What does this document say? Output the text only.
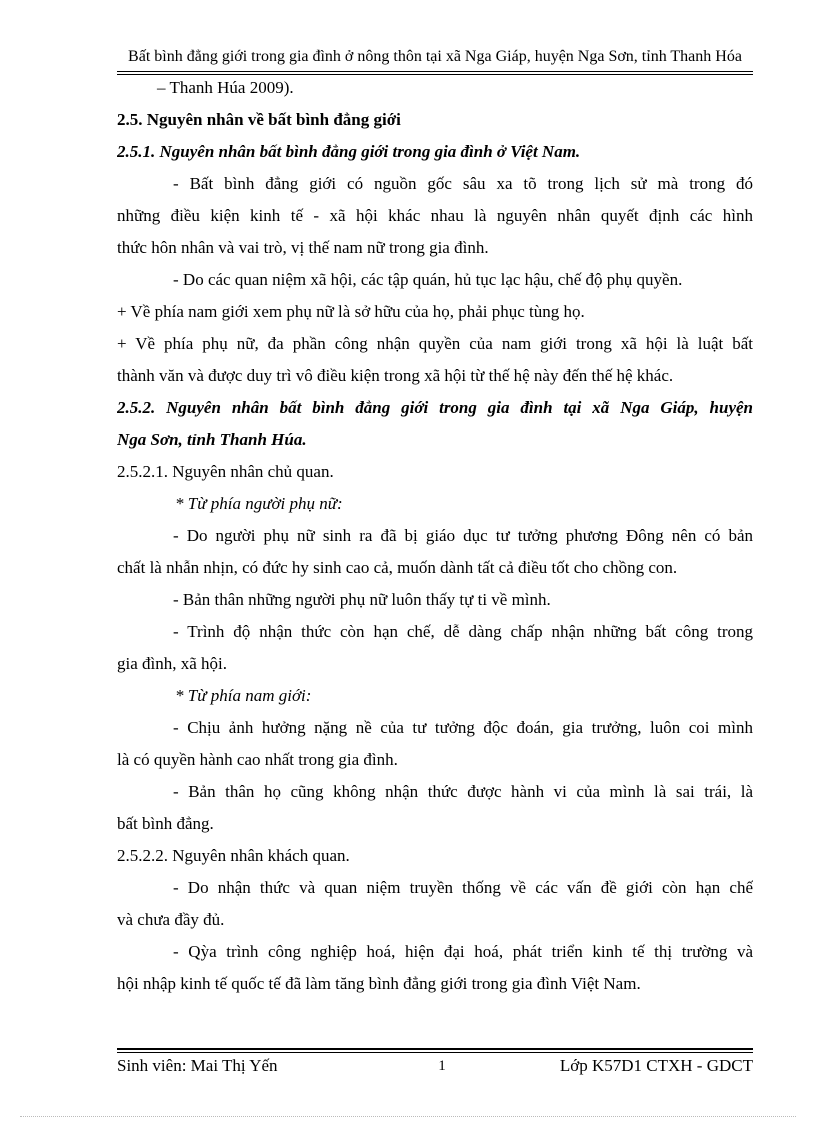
Bất bình đẳng giới trong gia đình ở nông thôn tại xã Nga Giáp, huyện Nga Sơn, tỉnh Thanh Hóa
– Thanh Húa 2009).
2.5. Nguyên nhân về bất bình đẳng giới
2.5.1. Nguyên nhân bất bình đẳng giới trong gia đình ở Việt Nam.
- Bất bình đẳng giới có nguồn gốc sâu xa tõ trong lịch sử mà trong đó
những điều kiện kinh tế - xã hội khác nhau là nguyên nhân quyết định các hình
thức hôn nhân và vai trò, vị thế nam nữ trong gia đình.
- Do các quan niệm xã hội, các tập quán, hủ tục lạc hậu, chế độ phụ quyền.
+ Về phía nam giới xem phụ nữ là sở hữu của họ, phải phục tùng họ.
+ Về phía phụ nữ, đa phần công nhận quyền của nam giới trong xã hội là luật bất
thành văn và được duy trì vô điều kiện trong xã hội từ thế hệ này đến thế hệ khác.
2.5.2. Nguyên nhân bất bình đẳng giới trong gia đình tại xã Nga Giáp, huyện
Nga Sơn, tỉnh Thanh Húa.
2.5.2.1. Nguyên nhân chủ quan.
* Từ phía người phụ nữ:
- Do người phụ nữ sinh ra đã bị giáo dục tư tưởng phương Đông nên có bản
chất là nhẫn nhịn, có đức hy sinh cao cả, muốn dành tất cả điều tốt cho chồng con.
- Bản thân những người phụ nữ luôn thấy tự ti về mình.
- Trình độ nhận thức còn hạn chế, dễ dàng chấp nhận những bất công trong
gia đình, xã hội.
* Từ phía nam giới:
- Chịu ảnh hưởng nặng nề của tư tưởng độc đoán, gia trưởng, luôn coi mình
là có quyền hành cao nhất trong gia đình.
- Bản thân họ cũng không nhận thức được hành vi của mình là sai trái, là
bất bình đẳng.
2.5.2.2. Nguyên nhân khách quan.
- Do nhận thức và quan niệm truyền thống về các vấn đề giới còn hạn chế
và chưa đầy đủ.
- Qỳa trình công nghiệp hoá, hiện đại hoá, phát triển kinh tế thị trường và
hội nhập kinh tế quốc tế đã làm tăng bình đẳng giới trong gia đình Việt Nam.
Sinh viên: Mai Thị Yến	1	Lớp K57D1 CTXH - GDCT
